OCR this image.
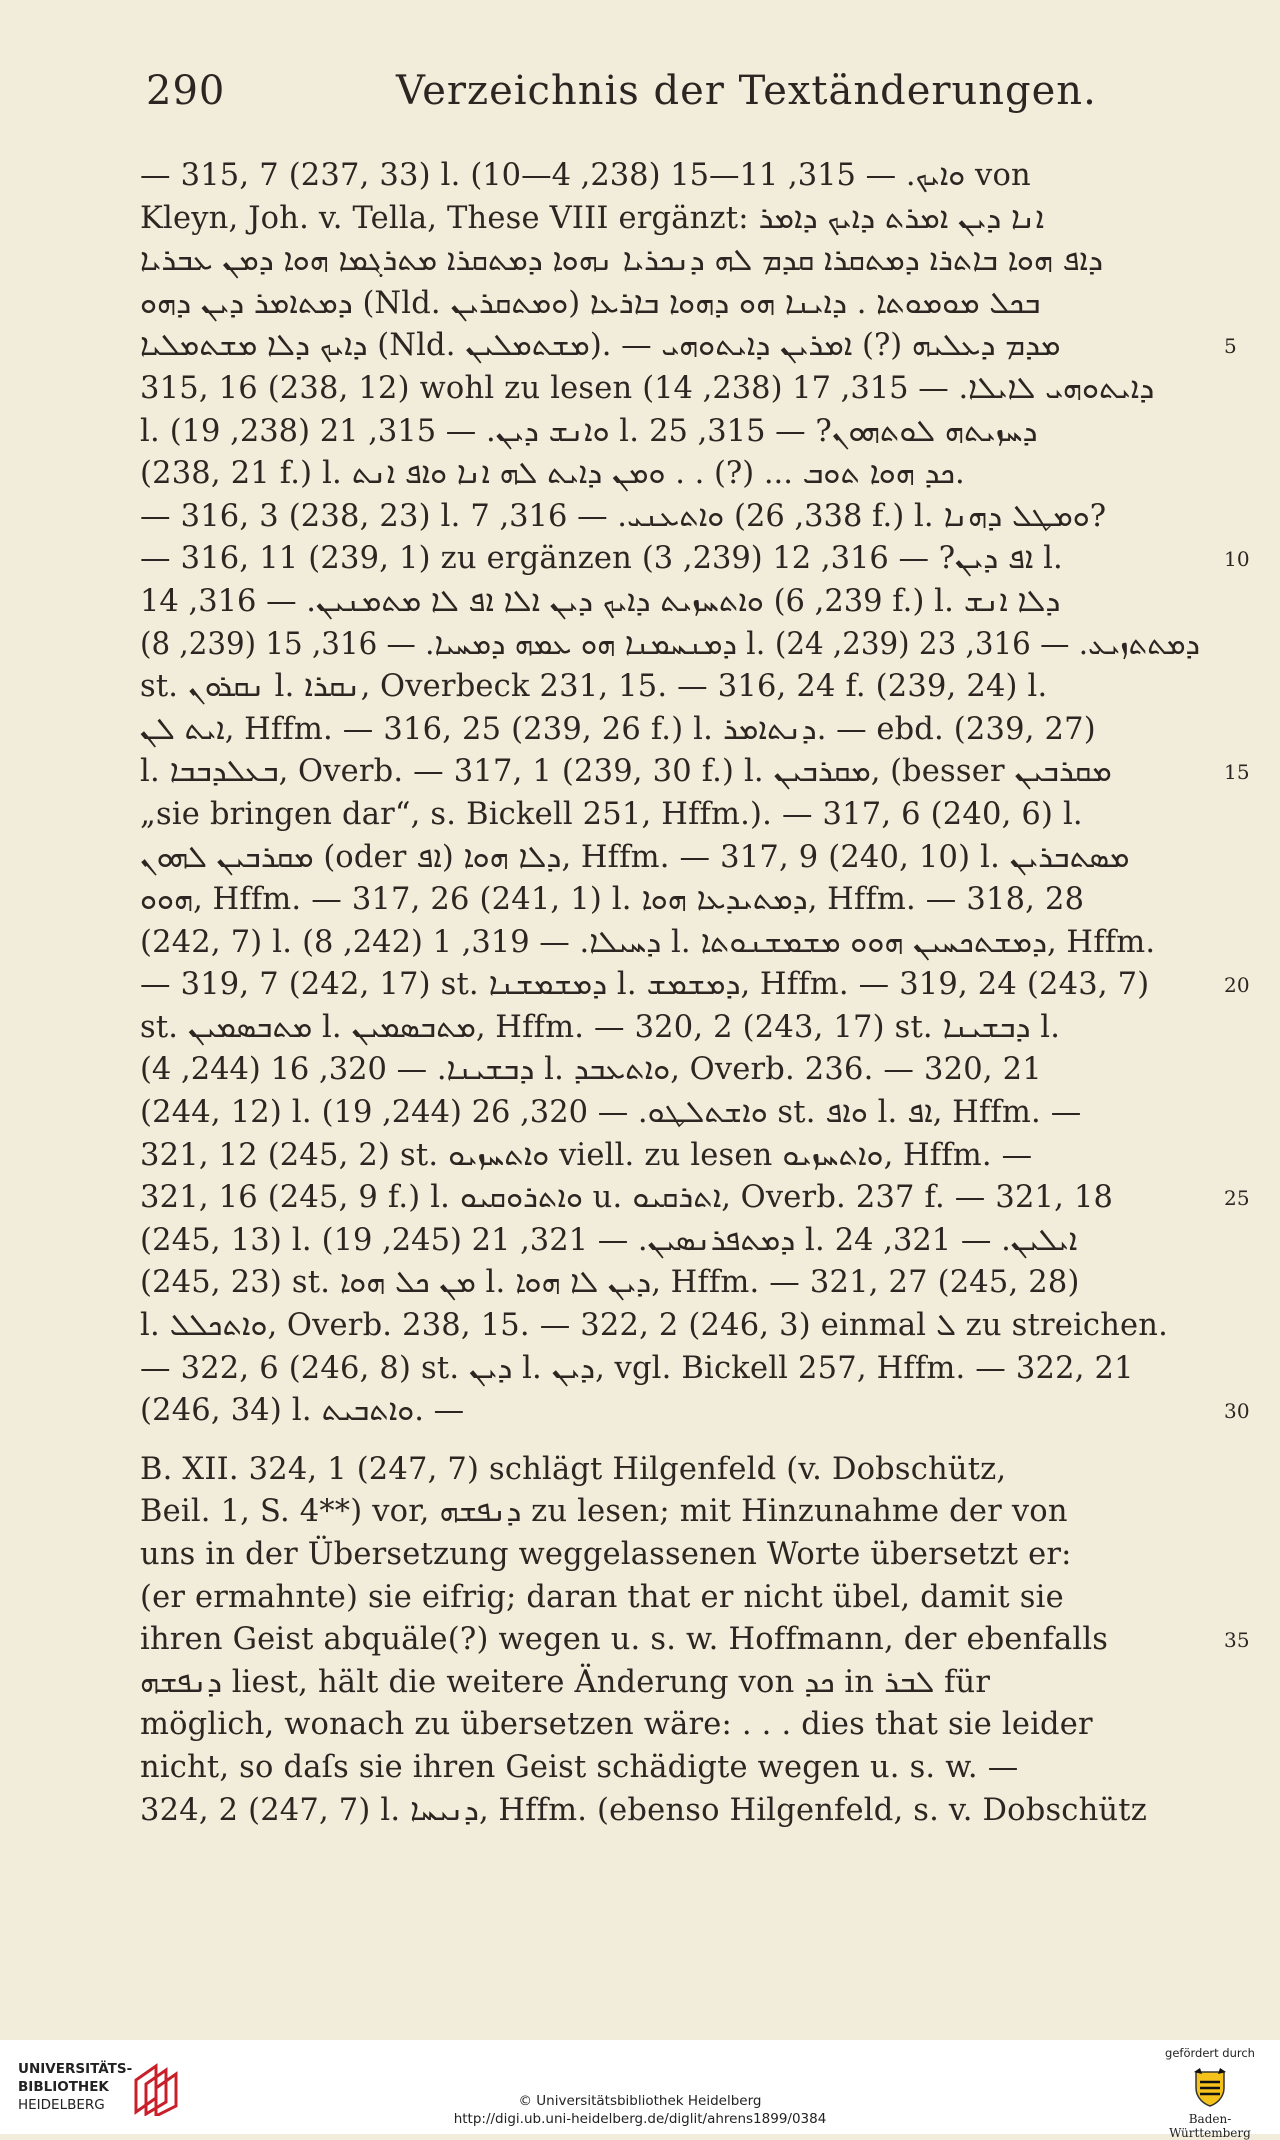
290	Verzeichnis der Textänderungen.
— 315, 7 (237, 33) l. ܘܐܝܟ. — 315, 11—15 (238, 4—10) von
Kleyn, Joh. v. Tella, These VIII ergänzt: ܐܢܐ ܕܝܢ ܐܡܪܬ ܕܐܝܟ ܕܐܡܪ
ܕܐܦ ܗܘܐ ܒܐܬܪܐ ܕܡܬܩܪܐ ܩܕܡ ܠܗ ܕܢܟܪܝܐ ܢܗܘܐ ܕܡܬܩܪܐ ܡܬܪܓܡܐ ܗܘܐ ܕܡܢ ܥܒܪܝܐ
ܕܡܬܐܡܪ ܕܝܢ ܕܗܘ (Nld. ܘܡܬܩܪܝܢ) ܒܟܠ ܡܘܡܘܬܐ . ܕܐܝܢܐ ܗܘ ܕܗܘܐ ܒܐܪܥܐ
ܕܐܝܟ ܕܠܐ ܡܫܬܡܠܝܐ (Nld. ܡܫܬܡܠܝܢ). — ܡܕܡ ܕܥܠܝܗ (?) ܐܡܪܝܢ ܕܐܝܬܘܗܝ	5
315, 16 (238, 12) wohl zu lesen ܕܐܝܬܘܗܝ ܠܐܝܠܐ. — 315, 17 (238, 14)
l. ܘܐܢܫ ܕܝܢ. — 315, 21 (238, 19) l. ܕܚܙܝܬܗ ܠܘܬܗܘܢ? — 315, 25
(238, 21 f.) l. ܟܕ ܗܘܐ ܬܘܒ ... (?) . . ܘܡܢ ܕܐܝܬ ܠܗ ܐܢܐ ܘܐܦ ܐܢܬ.
— 316, 3 (238, 23) l. ܘܐܬܥܢܝ. — 316, 7 (338, 26 f.) l. ܘܡܛܠ ܕܗܢܐ?
— 316, 11 (239, 1) zu ergänzen ܐܦ ܕܝܢ? — 316, 12 (239, 3) l.	10
ܘܐܬܚܙܝܬ ܕܐܝܟ ܕܝܢ ܐܠܐ ܐܦ ܠܐ ܡܬܡܢܝܢ. — 316, 14 (239, 6 f.) l. ܕܠܐ ܐܢܫ
ܕܡܢܚܡܢܐ ܗܘ ܥܡܗ ܕܡܚܝܐ. — 316, 15 (239, 8) l. ܕܡܬܬܙܝܥ. — 316, 23 (239, 24)
st. ܢܩܪܘܢ l. ܢܩܪܐ, Overbeck 231, 15. — 316, 24 f. (239, 24) l.
ܐܝܬ ܠܢ, Hffm. — 316, 25 (239, 26 f.) l. ܕܢܬܐܡܪ. — ebd. (239, 27)
l. ܒܥܠܕܒܒܐ, Overb. — 317, 1 (239, 30 f.) l. ܡܩܪܒܝܢ, (besser ܡܩܪܒܝܢ	15
„sie bringen dar“, s. Bickell 251, Hffm.). — 317, 6 (240, 6) l.
ܡܩܪܒܝܢ ܠܗܘܢ (oder ܐܦ) ܕܠܐ ܗܘܐ, Hffm. — 317, 9 (240, 10) l. ܡܣܬܒܪܝܢ
ܗܘܘ, Hffm. — 317, 26 (241, 1) l. ܕܡܬܝܕܥܐ ܗܘܐ, Hffm. — 318, 28
(242, 7) l. ܕܚܝܠܐ. — 319, 1 (242, 8) l. ܕܡܫܬܟܚܝܢ ܗܘܘ ܡܫܡܫܢܘܬܐ, Hffm.
— 319, 7 (242, 17) st. ܕܡܫܡܫܢܐ l. ܕܡܫܡܫ, Hffm. — 319, 24 (243, 7)	20
st. ܡܬܒܣܡܝܢ l. ܡܬܒܣܡܝܢ, Hffm. — 320, 2 (243, 17) st. ܕܒܫܝܢܐ l.
ܕܒܫܝܢܐ. — 320, 16 (244, 4) l. ܘܐܬܥܒܕ, Overb. 236. — 320, 21
(244, 12) l. ܘܐܫܬܠܛܘ. — 320, 26 (244, 19) st. ܘܐܦ l. ܐܦ, Hffm. —
321, 12 (245, 2) st. ܘܐܬܚܙܝܘ viell. zu lesen ܘܐܬܚܙܝܘ, Hffm. —
321, 16 (245, 9 f.) l. ܘܐܬܪܘܩܝܘ u. ܐܬܪܩܝܘ, Overb. 237 f. — 321, 18	25
(245, 13) l. ܕܡܬܦܪܢܣܝܢ. — 321, 21 (245, 19) l. ܐܝܠܝܢ. — 321, 24
(245, 23) st. ܡܢ ܟܠ ܗܘܐ l. ܕܝܢ ܠܐ ܗܘܐ, Hffm. — 321, 27 (245, 28)
l. ܘܐܬܟܠܠ, Overb. 238, 15. — 322, 2 (246, 3) einmal ܠ zu streichen.
— 322, 6 (246, 8) st. ܕܝܢ l. ܕܝܢ, vgl. Bickell 257, Hffm. — 322, 21
(246, 34) l. ܘܐܬܒܝܬ. —	30
B. XII. 324, 1 (247, 7) schlägt Hilgenfeld (v. Dobschütz,
Beil. 1, S. 4**) vor, ܕܢܦܫܗ zu lesen; mit Hinzunahme der von
uns in der Übersetzung weggelassenen Worte übersetzt er:
(er ermahnte) sie eifrig; daran that er nicht übel, damit sie
ihren Geist abquäle(?) wegen u. s. w. Hoffmann, der ebenfalls	35
ܕܢܦܫܗ liest, hält die weitere Änderung von ܟܕ in ܠܒܪ für
möglich, wonach zu übersetzen wäre: . . . dies that sie leider
nicht, so daſs sie ihren Geist schädigte wegen u. s. w. —
324, 2 (247, 7) l. ܕܢܝܚܐ, Hffm. (ebenso Hilgenfeld, s. v. Dobschütz
UNIVERSITÄTS-
BIBLIOTHEK
HEIDELBERG	© Universitätsbibliothek Heidelberg
http://digi.ub.uni-heidelberg.de/diglit/ahrens1899/0384
gefördert durch
Baden-Württemberg
